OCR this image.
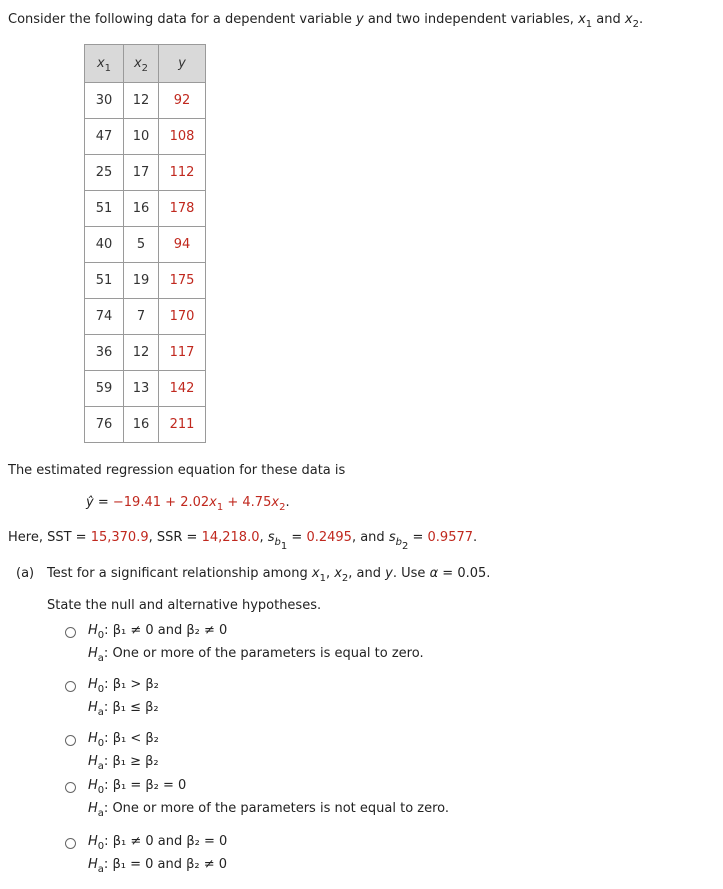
Consider the following data for a dependent variable y and two independent variables, $x_1$ and $x_2$.
$x_1$	$x_2$	y
30	12	92
47	10	108
25	17	112
51	16	178
40	5	94
51	19	175
74	7	170
36	12	117
59	13	142
76	16	211
The estimated regression equation for these data is
ŷ = $-19.41 + 2.02x_1 + 4.75x_2$.
Here, SST = 15,370.9, SSR = 14,218.0, $s_{b_1} = 0.2495$, and $s_{b_2} = 0.9577$.
(a) Test for a significant relationship among $x_1$, $x_2$, and y. Use α = 0.05.
State the null and alternative hypotheses.
$H_0$: β₁ ≠ 0 and β₂ ≠ 0
$H_a$: One or more of the parameters is equal to zero.
$H_0$: β₁ > β₂
$H_a$: β₁ ≤ β₂
$H_0$: β₁ < β₂
$H_a$: β₁ ≥ β₂
$H_0$: β₁ = β₂ = 0
$H_a$: One or more of the parameters is not equal to zero.
$H_0$: β₁ ≠ 0 and β₂ = 0
$H_a$: β₁ = 0 and β₂ ≠ 0
